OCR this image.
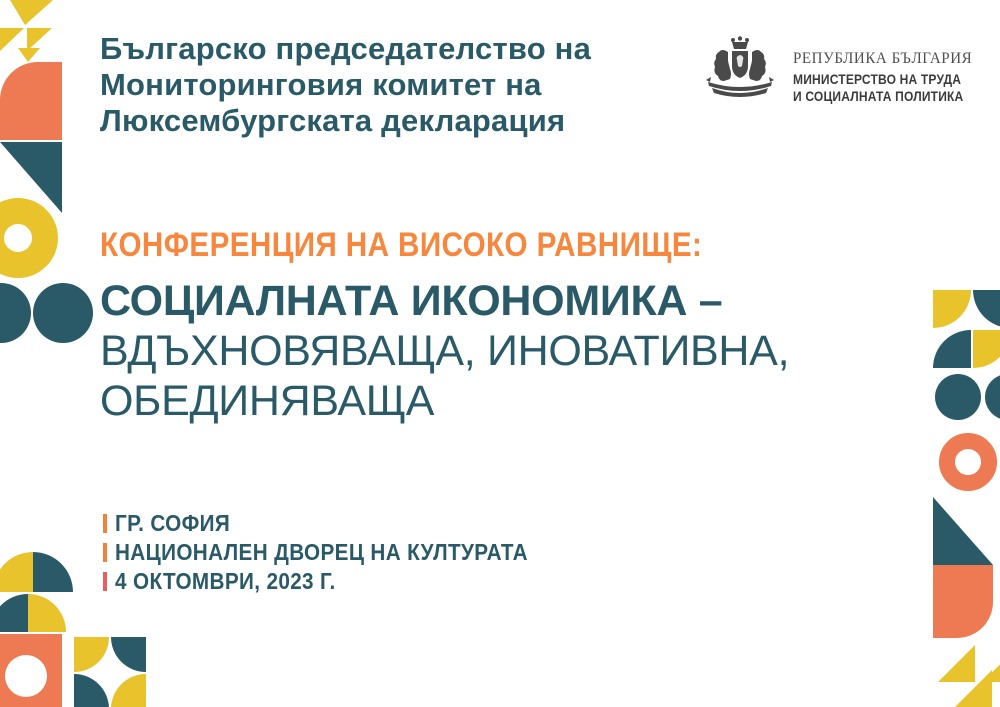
Българско председателство на
Мониторинговия комитет на
Люксембургската декларация
РЕПУБЛИКА БЪЛГАРИЯ
МИНИСТЕРСТВО НА ТРУДА
И СОЦИАЛНАТА ПОЛИТИКА
КОНФЕРЕНЦИЯ НА ВИСОКО РАВНИЩЕ:
СОЦИАЛНАТА ИКОНОМИКА –
ВДЪХНОВЯВАЩА, ИНОВАТИВНА,
ОБЕДИНЯВАЩА
ГР. СОФИЯ
НАЦИОНАЛЕН ДВОРЕЦ НА КУЛТУРАТА
4 ОКТОМВРИ, 2023 Г.
